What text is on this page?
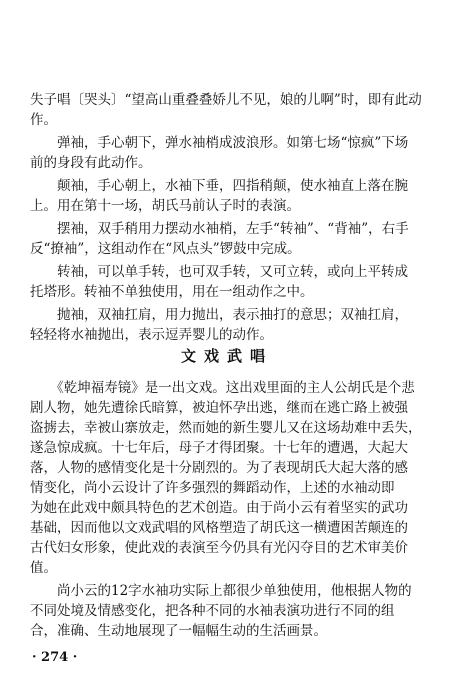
失子唱〔哭头〕“望高山重叠叠娇儿不见，娘的儿啊”时，即有此动
作。
　　弹袖，手心朝下，弹水袖梢成波浪形。如第七场“惊疯”下场
前的身段有此动作。
　　颠袖，手心朝上，水袖下垂，四指稍颠，使水袖直上落在腕
上。用在第十一场，胡氏马前认子时的表演。
　　摆袖，双手稍用力摆动水袖梢，左手“转袖”、“背袖”，右手
反“撩袖”，这组动作在“风点头”锣鼓中完成。
　　转袖，可以单手转，也可双手转，又可立转，或向上平转成
托塔形。转袖不单独使用，用在一组动作之中。
　　抛袖，双袖扛肩，用力抛出，表示抽打的意思；双袖扛肩，
轻轻将水袖抛出，表示逗弄婴儿的动作。
文戏武唱
　　《乾坤福寿镜》是一出文戏。这出戏里面的主人公胡氏是个悲
剧人物，她先遭徐氏暗算，被迫怀孕出逃，继而在逃亡路上被强
盗掳去，幸被山寨放走，然而她的新生婴儿又在这场劫难中丢失，
遂急惊成疯。十七年后，母子才得团聚。十七年的遭遇，大起大
落，人物的感情变化是十分剧烈的。为了表现胡氏大起大落的感
情变化，尚小云设计了许多强烈的舞蹈动作，上述的水袖动即
为她在此戏中颇具特色的艺术创造。由于尚小云有着坚实的武功
基础，因而他以文戏武唱的风格塑造了胡氏这一横遭困苦颠连的
古代妇女形象，使此戏的表演至今仍具有光闪夺目的艺术审美价
值。
　　尚小云的12字水袖功实际上都很少单独使用，他根据人物的
不同处境及情感变化，把各种不同的水袖表演功进行不同的组
合，准确、生动地展现了一幅幅生动的生活画景。
· 274 ·
